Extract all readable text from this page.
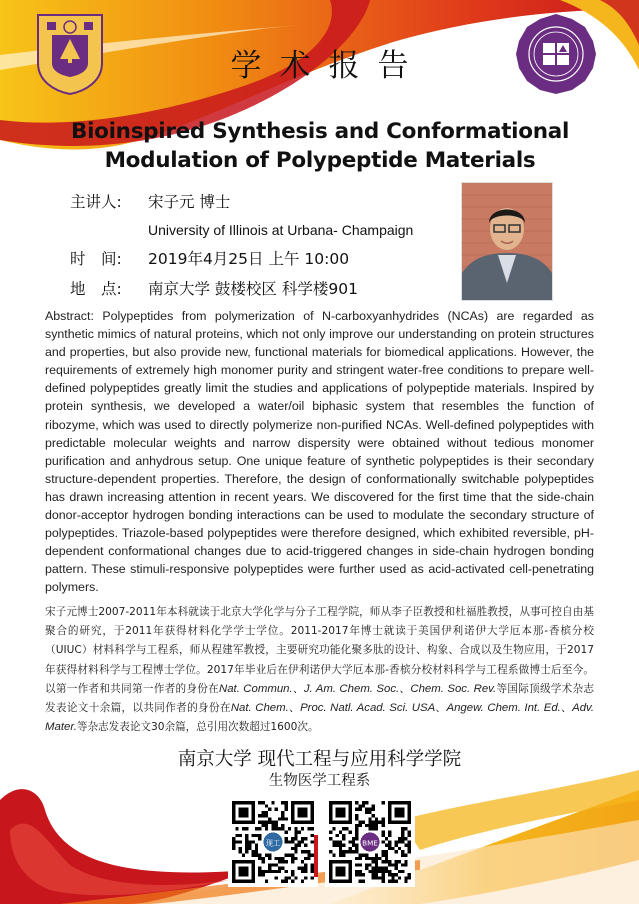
学术报告
Bioinspired Synthesis and Conformational
Modulation of Polypeptide Materials
主讲人: 宋子元 博士
University of Illinois at Urbana- Champaign
时　间: 2019年4月25日 上午 10:00
地　点: 南京大学 鼓楼校区 科学楼901
Abstract: Polypeptides from polymerization of N-carboxyanhydrides (NCAs) are regarded as synthetic mimics of natural proteins, which not only improve our understanding on protein structures and properties, but also provide new, functional materials for biomedical applications. However, the requirements of extremely high monomer purity and stringent water-free conditions to prepare well-defined polypeptides greatly limit the studies and applications of polypeptide materials. Inspired by protein synthesis, we developed a water/oil biphasic system that resembles the function of ribozyme, which was used to directly polymerize non-purified NCAs. Well-defined polypeptides with predictable molecular weights and narrow dispersity were obtained without tedious monomer purification and anhydrous setup. One unique feature of synthetic polypeptides is their secondary structure-dependent properties. Therefore, the design of conformationally switchable polypeptides has drawn increasing attention in recent years. We discovered for the first time that the side-chain donor-acceptor hydrogen bonding interactions can be used to modulate the secondary structure of polypeptides. Triazole-based polypeptides were therefore designed, which exhibited reversible, pH-dependent conformational changes due to acid-triggered changes in side-chain hydrogen bonding pattern. These stimuli-responsive polypeptides were further used as acid-activated cell-penetrating polymers.
宋子元博士2007-2011年本科就读于北京大学化学与分子工程学院，师从李子臣教授和杜福胜教授，从事可控自由基聚合的研究，于2011年获得材料化学学士学位。2011-2017年博士就读于美国伊利诺伊大学厄本那-香槟分校（UIUC）材料科学与工程系，师从程建军教授，主要研究功能化聚多肽的设计、构象、合成以及生物应用，于2017年获得材料科学与工程博士学位。2017年毕业后在伊利诺伊大学厄本那-香槟分校材料科学与工程系做博士后至今。以第一作者和共同第一作者的身份在Nat. Commun.、J. Am. Chem. Soc.、Chem. Soc. Rev.等国际顶级学术杂志发表论文十余篇，以共同作者的身份在Nat. Chem.、Proc. Natl. Acad. Sci. USA、Angew. Chem. Int. Ed.、Adv. Mater.等杂志发表论文30余篇，总引用次数超过1600次。
南京大学 现代工程与应用科学学院
生物医学工程系
现工	BME
